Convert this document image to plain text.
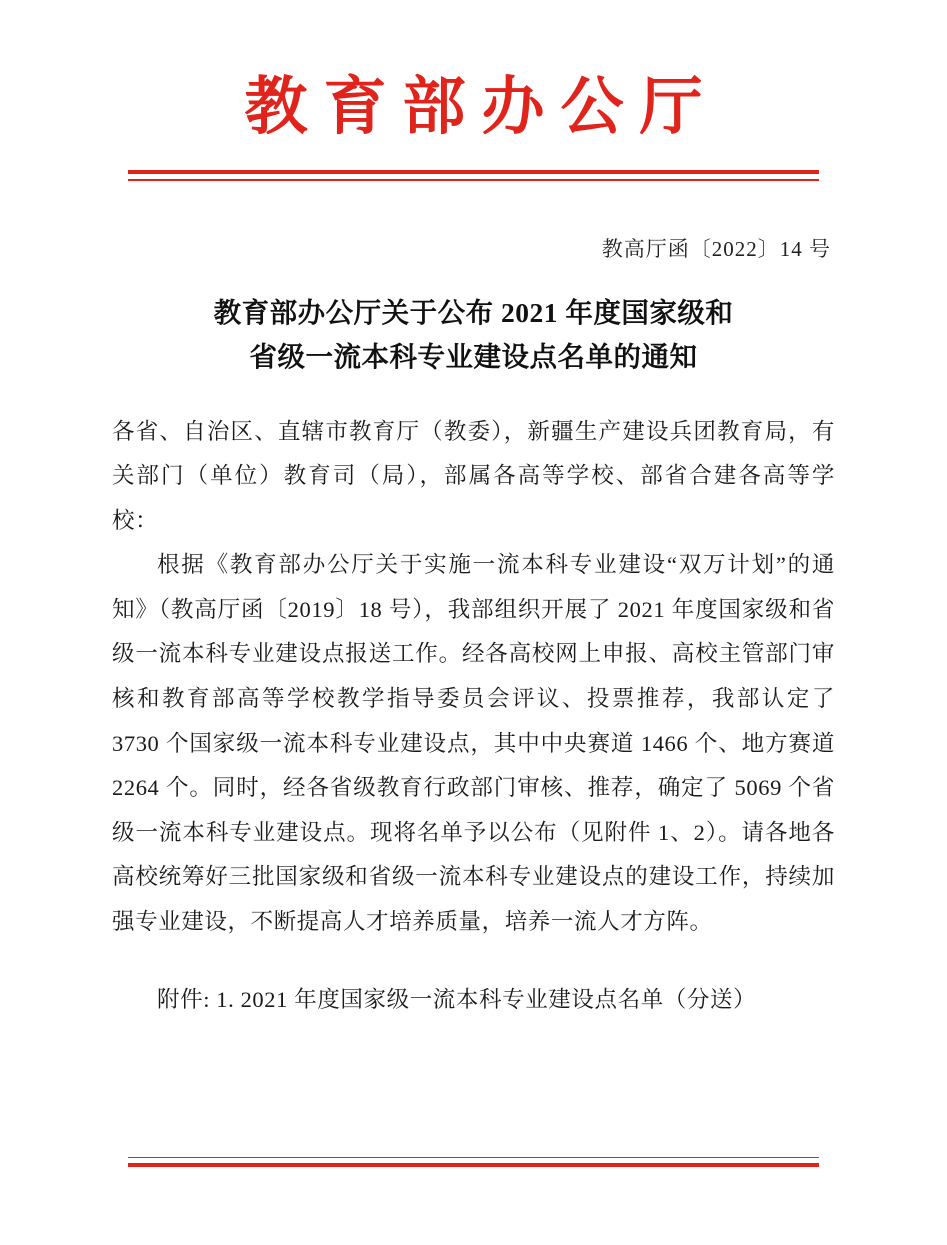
教育部办公厅
教高厅函〔2022〕14 号
教育部办公厅关于公布 2021 年度国家级和
省级一流本科专业建设点名单的通知

各省、自治区、直辖市教育厅（教委），新疆生产建设兵团教育局，有关部门（单位）教育司（局），部属各高等学校、部省合建各高等学校：

根据《教育部办公厅关于实施一流本科专业建设“双万计划”的通知》（教高厅函〔2019〕18 号），我部组织开展了 2021 年度国家级和省级一流本科专业建设点报送工作。经各高校网上申报、高校主管部门审核和教育部高等学校教学指导委员会评议、投票推荐，我部认定了 3730 个国家级一流本科专业建设点，其中中央赛道 1466 个、地方赛道 2264 个。同时，经各省级教育行政部门审核、推荐，确定了 5069 个省级一流本科专业建设点。现将名单予以公布（见附件 1、2）。请各地各高校统筹好三批国家级和省级一流本科专业建设点的建设工作，持续加强专业建设，不断提高人才培养质量，培养一流人才方阵。

附件: 1. 2021 年度国家级一流本科专业建设点名单（分送）
